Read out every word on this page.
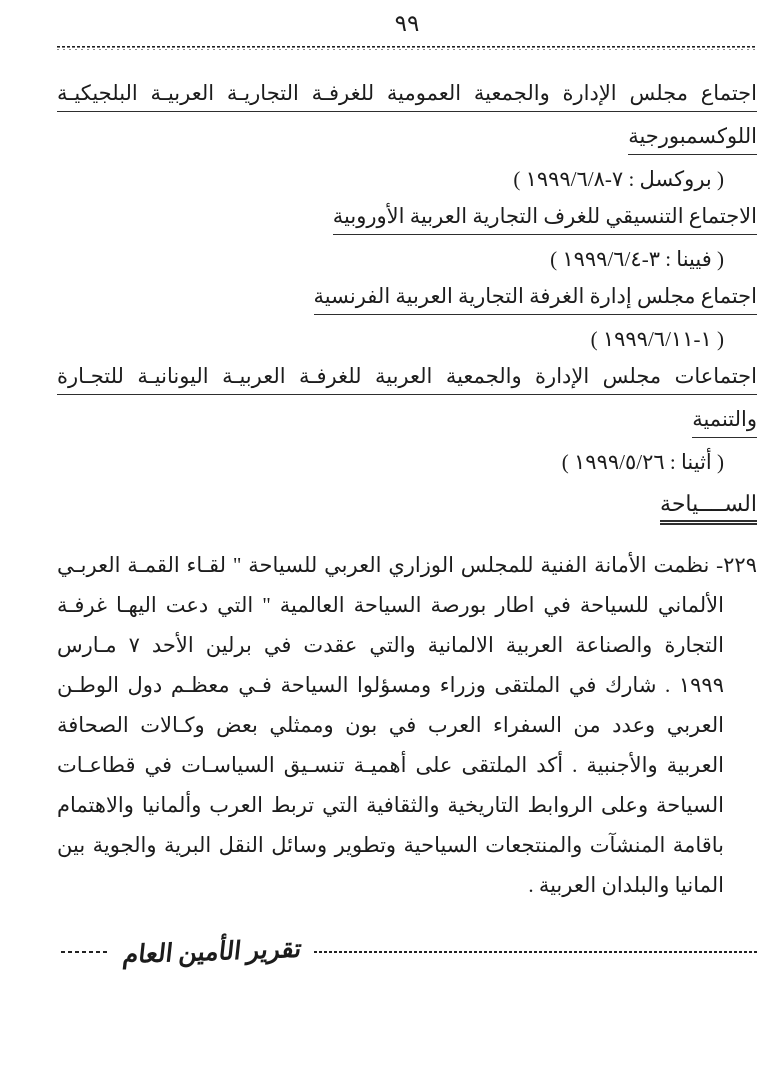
٩٩
اجتماع مجلس الإدارة والجمعية العمومية للغرفـة التجاريـة العربيـة البلجيكيـة
اللوكسمبورجية
( بروكسل : ٧-١٩٩٩/٦/٨ )
الاجتماع التنسيقي للغرف التجارية العربية الأوروبية
( فيينا : ٣-١٩٩٩/٦/٤ )
اجتماع مجلس إدارة الغرفة التجارية العربية الفرنسية
( ١-١٩٩٩/٦/١١ )
اجتماعات مجلس الإدارة والجمعية العربية للغرفـة العربيـة اليونانيـة للتجـارة
والتنمية
( أثينا : ١٩٩٩/٥/٢٦ )
الســــياحة
٢٢٩- نظمت الأمانة الفنية للمجلس الوزاري العربي للسياحة " لقـاء القمـة العربـي
الألماني للسياحة في اطار بورصة السياحة العالمية " التي دعت اليهـا غرفـة
التجارة والصناعة العربية الالمانية والتي عقدت في برلين الأحد ٧ مـارس
١٩٩٩ . شارك في الملتقى وزراء ومسؤلوا السياحة فـي معظـم دول الوطـن
العربي وعدد من السفراء العرب في بون وممثلي بعض وكـالات الصحافة
العربية والأجنبية . أكد الملتقى على أهميـة تنسـيق السياسـات في قطاعـات
السياحة وعلى الروابط التاريخية والثقافية التي تربط العرب وألمانيا والاهتمام
باقامة المنشآت والمنتجعات السياحية وتطوير وسائل النقل البرية والجوية بين
المانيا والبلدان العربية .
تقرير الأمين العام
